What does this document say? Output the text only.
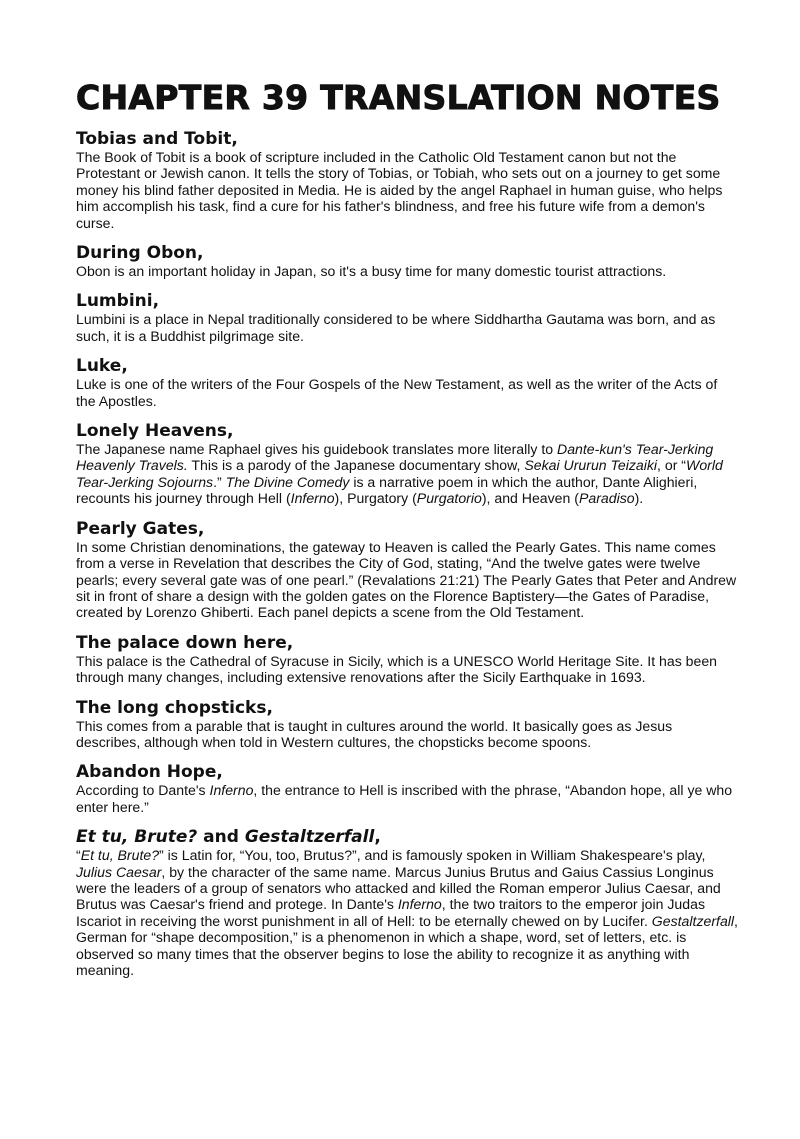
CHAPTER 39 TRANSLATION NOTES
Tobias and Tobit,

The Book of Tobit is a book of scripture included in the Catholic Old Testament canon but not the Protestant or Jewish canon. It tells the story of Tobias, or Tobiah, who sets out on a journey to get some money his blind father deposited in Media. He is aided by the angel Raphael in human guise, who helps him accomplish his task, find a cure for his father's blindness, and free his future wife from a demon's curse.

During Obon,

Obon is an important holiday in Japan, so it's a busy time for many domestic tourist attractions.

Lumbini,

Lumbini is a place in Nepal traditionally considered to be where Siddhartha Gautama was born, and as such, it is a Buddhist pilgrimage site.

Luke,

Luke is one of the writers of the Four Gospels of the New Testament, as well as the writer of the Acts of the Apostles.

Lonely Heavens,

The Japanese name Raphael gives his guidebook translates more literally to Dante-kun's Tear-Jerking Heavenly Travels. This is a parody of the Japanese documentary show, Sekai Ururun Teizaiki, or “World Tear-Jerking Sojourns.” The Divine Comedy is a narrative poem in which the author, Dante Alighieri, recounts his journey through Hell (Inferno), Purgatory (Purgatorio), and Heaven (Paradiso).

Pearly Gates,

In some Christian denominations, the gateway to Heaven is called the Pearly Gates. This name comes from a verse in Revelation that describes the City of God, stating, “And the twelve gates were twelve pearls; every several gate was of one pearl.” (Revalations 21:21) The Pearly Gates that Peter and Andrew sit in front of share a design with the golden gates on the Florence Baptistery—the Gates of Paradise, created by Lorenzo Ghiberti. Each panel depicts a scene from the Old Testament.

The palace down here,

This palace is the Cathedral of Syracuse in Sicily, which is a UNESCO World Heritage Site. It has been through many changes, including extensive renovations after the Sicily Earthquake in 1693.

The long chopsticks,

This comes from a parable that is taught in cultures around the world. It basically goes as Jesus describes, although when told in Western cultures, the chopsticks become spoons.

Abandon Hope,

According to Dante's Inferno, the entrance to Hell is inscribed with the phrase, “Abandon hope, all ye who enter here.”

Et tu, Brute? and Gestaltzerfall,

“Et tu, Brute?” is Latin for, “You, too, Brutus?”, and is famously spoken in William Shakespeare's play, Julius Caesar, by the character of the same name. Marcus Junius Brutus and Gaius Cassius Longinus were the leaders of a group of senators who attacked and killed the Roman emperor Julius Caesar, and Brutus was Caesar's friend and protege. In Dante's Inferno, the two traitors to the emperor join Judas Iscariot in receiving the worst punishment in all of Hell: to be eternally chewed on by Lucifer. Gestaltzerfall, German for “shape decomposition,” is a phenomenon in which a shape, word, set of letters, etc. is observed so many times that the observer begins to lose the ability to recognize it as anything with meaning.
